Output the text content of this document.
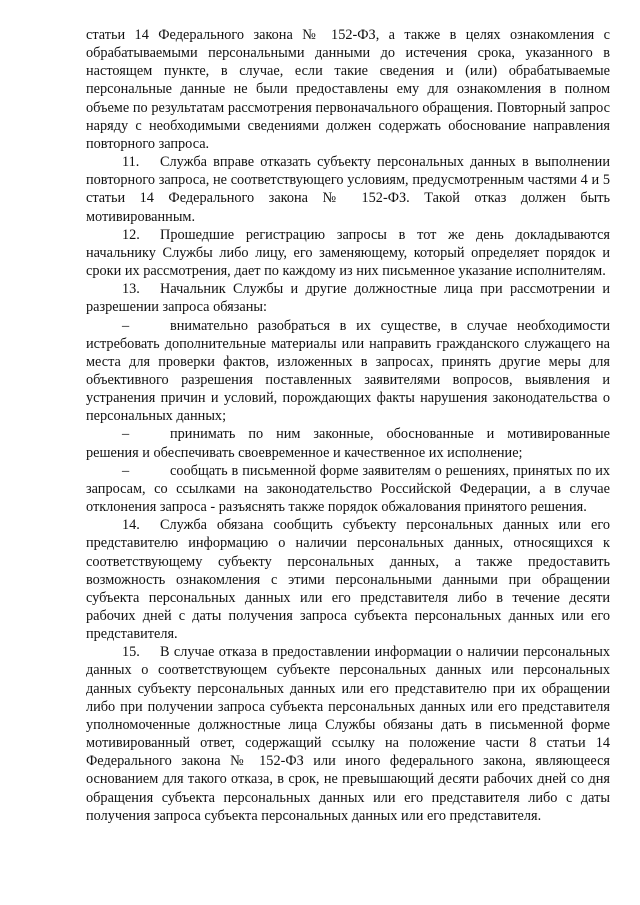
статьи 14 Федерального закона № 152-ФЗ, а также в целях ознакомления с обрабатываемыми персональными данными до истечения срока, указанного в настоящем пункте, в случае, если такие сведения и (или) обрабатываемые персональные данные не были предоставлены ему для ознакомления в полном объеме по результатам рассмотрения первоначального обращения. Повторный запрос наряду с необходимыми сведениями должен содержать обоснование направления повторного запроса.

11. Служба вправе отказать субъекту персональных данных в выполнении повторного запроса, не соответствующего условиям, предусмотренным частями 4 и 5 статьи 14 Федерального закона № 152-ФЗ. Такой отказ должен быть мотивированным.

12. Прошедшие регистрацию запросы в тот же день докладываются начальнику Службы либо лицу, его заменяющему, который определяет порядок и сроки их рассмотрения, дает по каждому из них письменное указание исполнителям.

13. Начальник Службы и другие должностные лица при рассмотрении и разрешении запроса обязаны:

–	внимательно разобраться в их существе, в случае необходимости истребовать дополнительные материалы или направить гражданского служащего на места для проверки фактов, изложенных в запросах, принять другие меры для объективного разрешения поставленных заявителями вопросов, выявления и устранения причин и условий, порождающих факты нарушения законодательства о персональных данных;

–	принимать по ним законные, обоснованные и мотивированные решения и обеспечивать своевременное и качественное их исполнение;

–	сообщать в письменной форме заявителям о решениях, принятых по их запросам, со ссылками на законодательство Российской Федерации, а в случае отклонения запроса - разъяснять также порядок обжалования принятого решения.

14. Служба обязана сообщить субъекту персональных данных или его представителю информацию о наличии персональных данных, относящихся к соответствующему субъекту персональных данных, а также предоставить возможность ознакомления с этими персональными данными при обращении субъекта персональных данных или его представителя либо в течение десяти рабочих дней с даты получения запроса субъекта персональных данных или его представителя.

15. В случае отказа в предоставлении информации о наличии персональных данных о соответствующем субъекте персональных данных или персональных данных субъекту персональных данных или его представителю при их обращении либо при получении запроса субъекта персональных данных или его представителя уполномоченные должностные лица Службы обязаны дать в письменной форме мотивированный ответ, содержащий ссылку на положение части 8 статьи 14 Федерального закона № 152-ФЗ или иного федерального закона, являющееся основанием для такого отказа, в срок, не превышающий десяти рабочих дней со дня обращения субъекта персональных данных или его представителя либо с даты получения запроса субъекта персональных данных или его представителя.
